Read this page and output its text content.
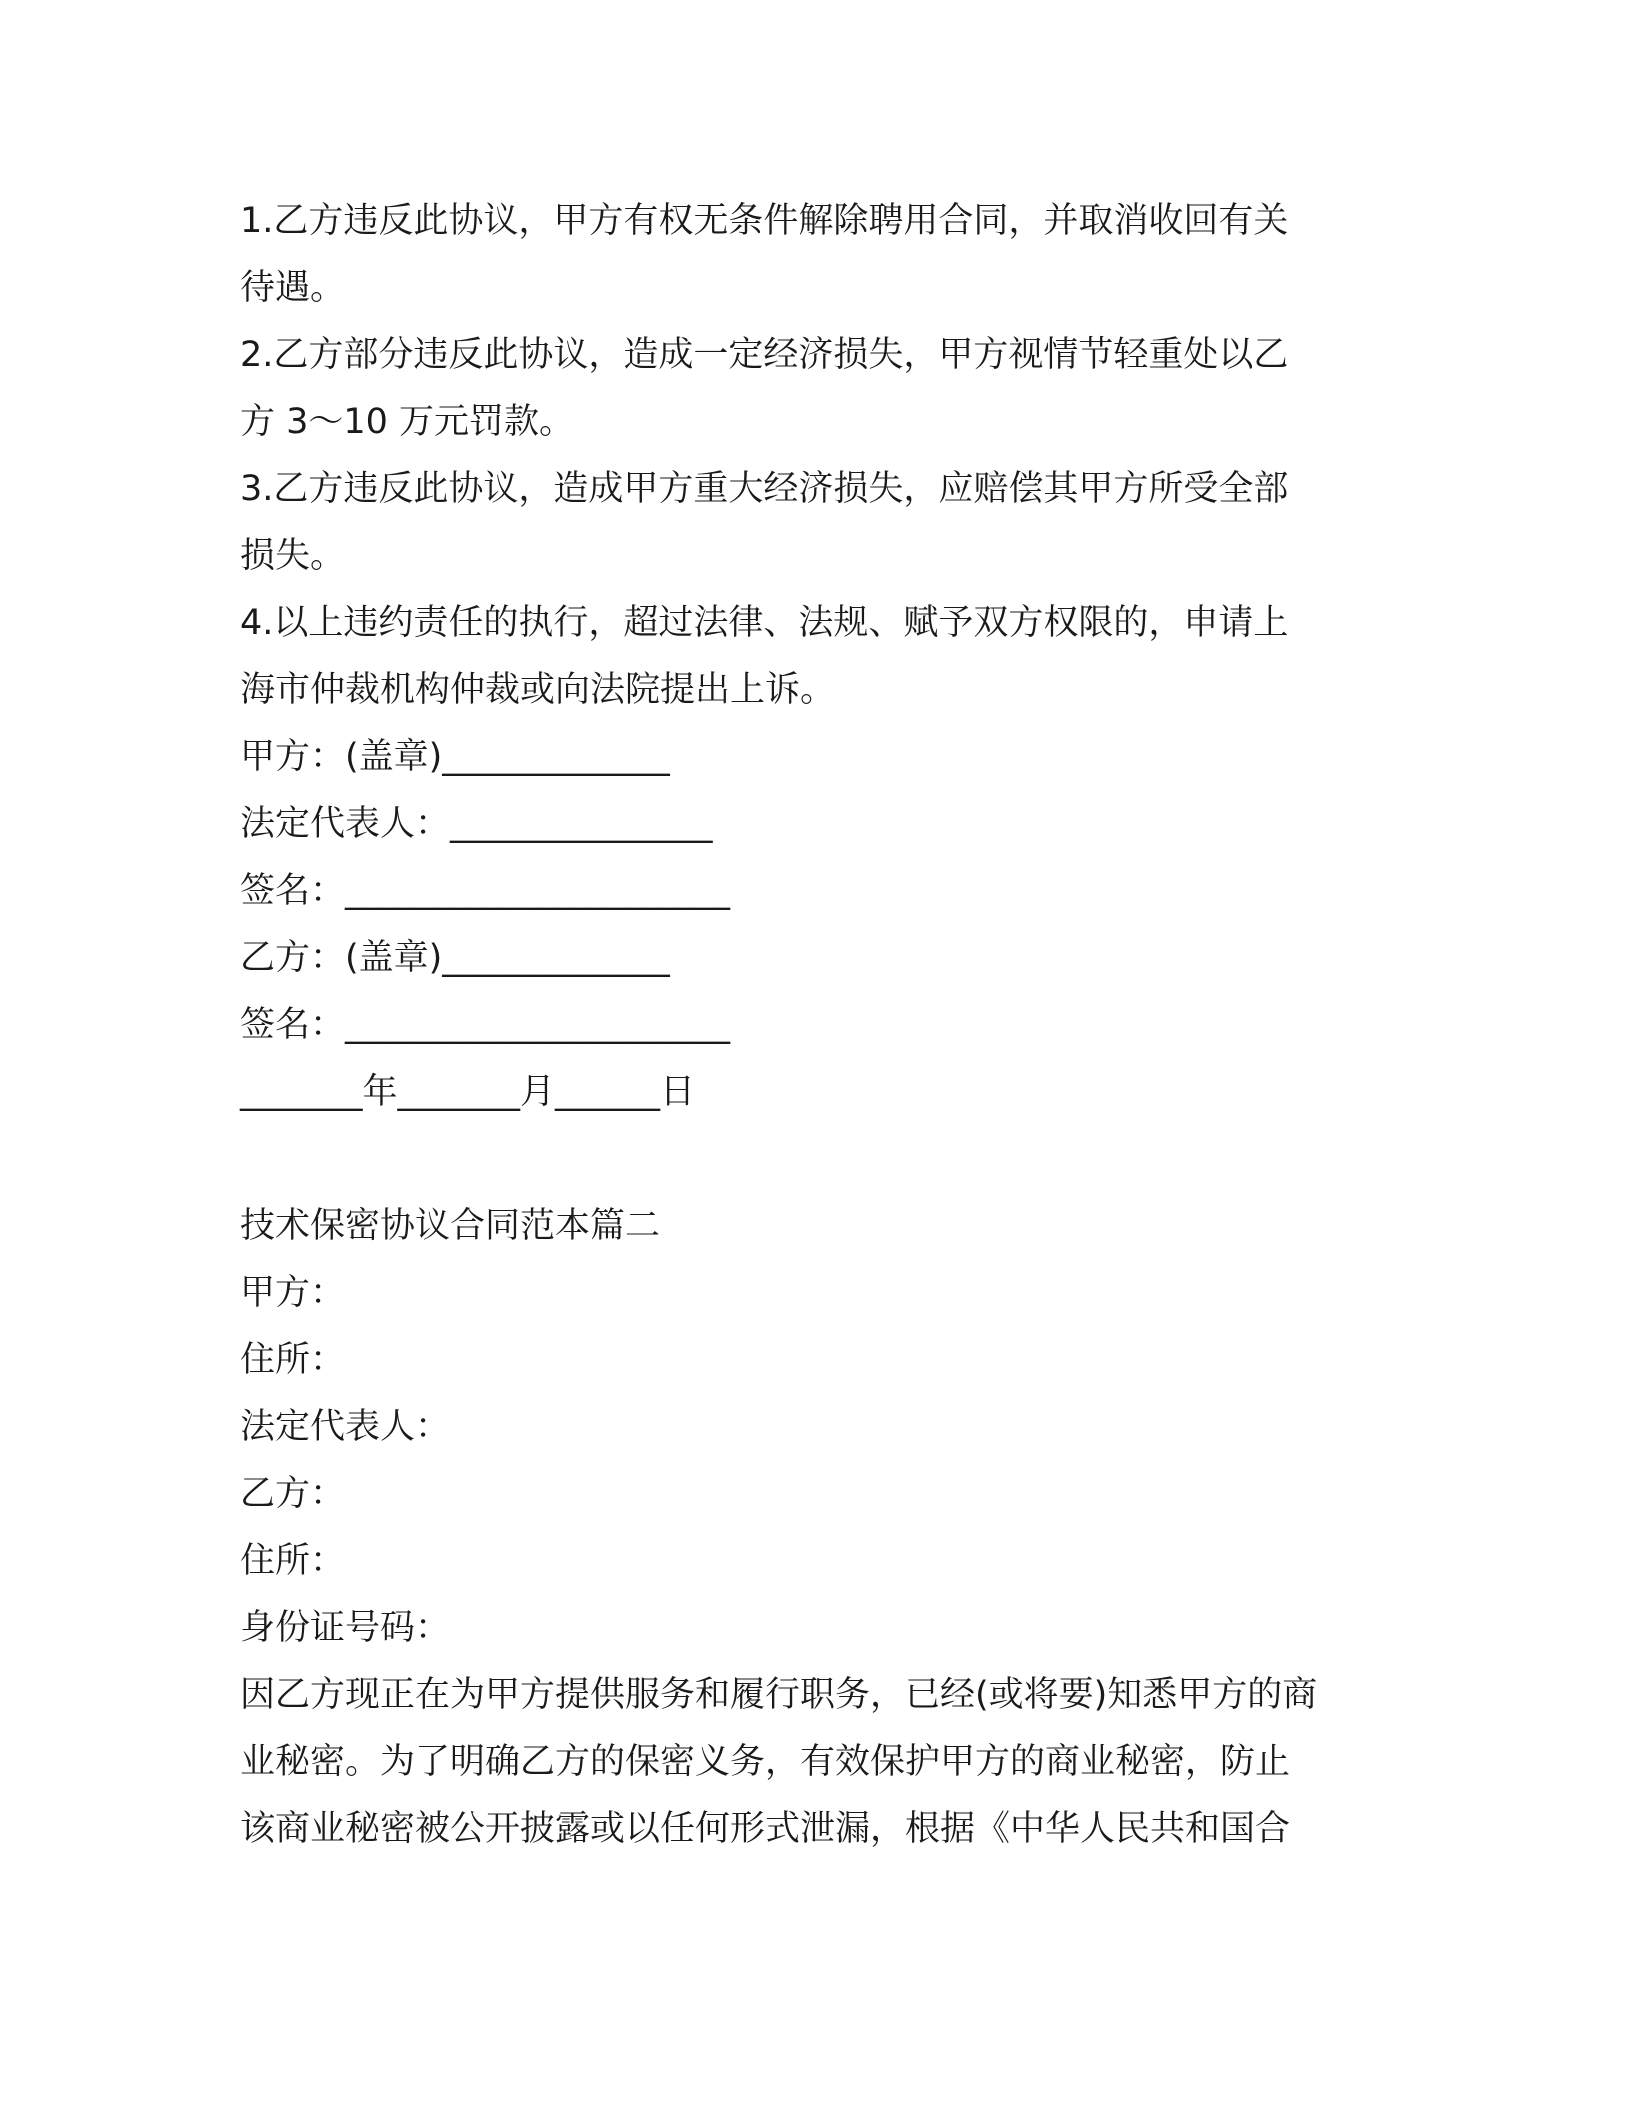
1.乙方违反此协议，甲方有权无条件解除聘用合同，并取消收回有关
待遇。
2.乙方部分违反此协议，造成一定经济损失，甲方视情节轻重处以乙
方 3～10 万元罚款。
3.乙方违反此协议，造成甲方重大经济损失，应赔偿其甲方所受全部
损失。
4.以上违约责任的执行，超过法律、法规、赋予双方权限的，申请上
海市仲裁机构仲裁或向法院提出上诉。
甲方：(盖章)_____________
法定代表人：_______________
签名：______________________
乙方：(盖章)_____________
签名：______________________
_______年_______月______日
技术保密协议合同范本篇二
甲方：
住所：
法定代表人：
乙方：
住所：
身份证号码：
因乙方现正在为甲方提供服务和履行职务，已经(或将要)知悉甲方的商
业秘密。为了明确乙方的保密义务，有效保护甲方的商业秘密，防止
该商业秘密被公开披露或以任何形式泄漏，根据《中华人民共和国合
